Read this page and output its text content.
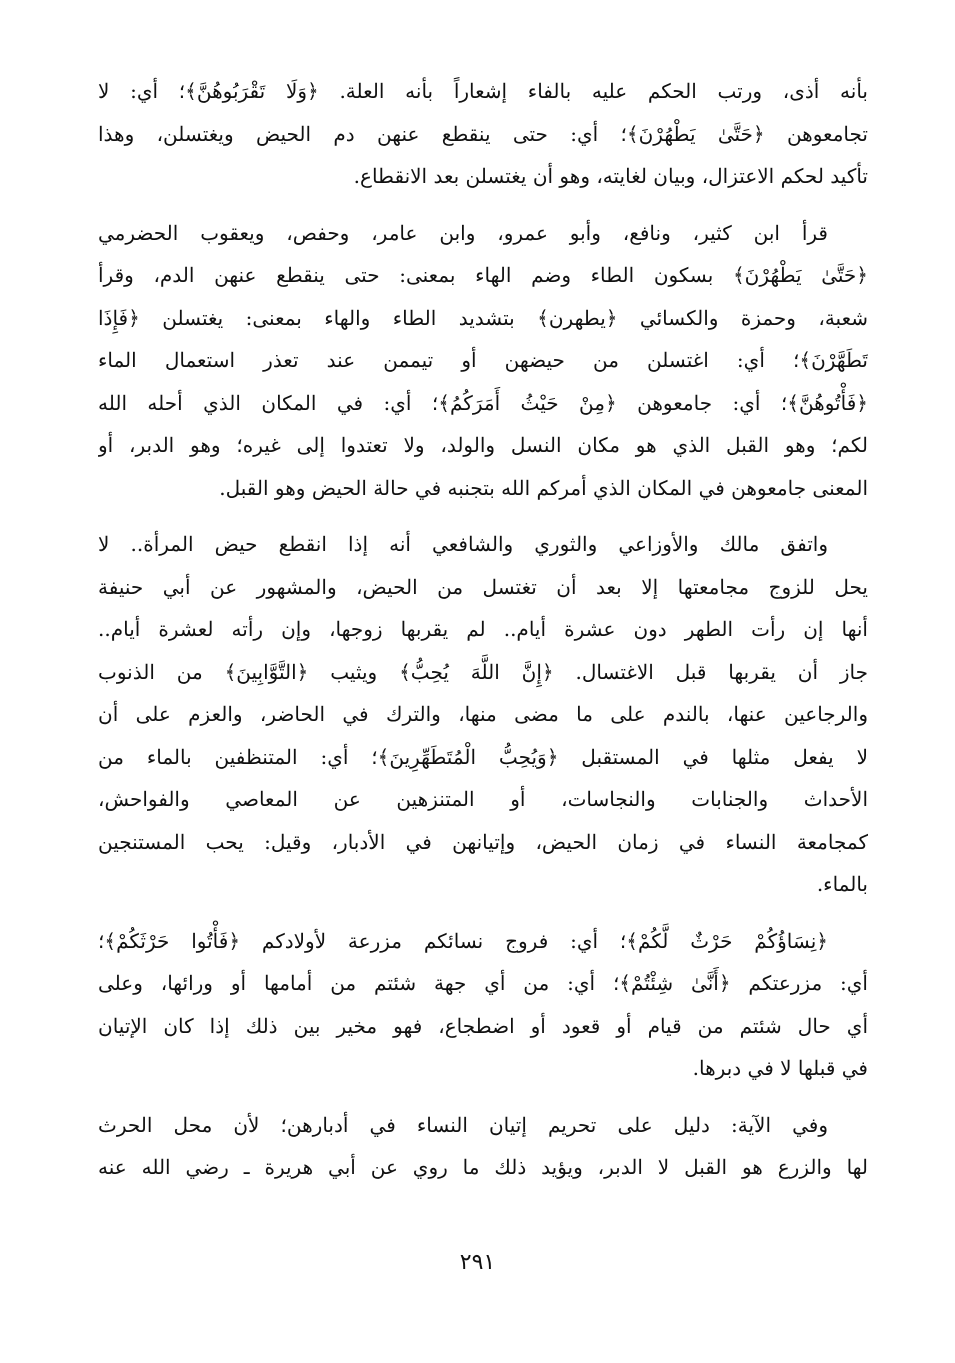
بأنه أذى، ورتب الحكم عليه بالفاء إشعاراً بأنه العلة. ﴿وَلَا تَقْرَبُوهُنَّ﴾؛ أي: لا
تجامعوهن ﴿حَتَّىٰ يَطْهُرْنَ﴾؛ أي: حتى ينقطع عنهن دم الحيض ويغتسلن، وهذا
تأكيد لحكم الاعتزال، وبيان لغايته، وهو أن يغتسلن بعد الانقطاع.
قرأ ابن كثير، ونافع، وأبو عمرو، وابن عامر، وحفص، ويعقوب الحضرمي
﴿حَتَّىٰ يَطْهُرْنَ﴾ بسكون الطاء وضم الهاء بمعنى: حتى ينقطع عنهن الدم، وقرأ
شعبة، وحمزة والكسائي ﴿يطهرن﴾ بتشديد الطاء والهاء بمعنى: يغتسلن ﴿فَإِذَا
تَطَهَّرْنَ﴾؛ أي: اغتسلن من حيضهن أو تيممن عند تعذر استعمال الماء
﴿فَأْتُوهُنَّ﴾؛ أي: جامعوهن ﴿مِنْ حَيْثُ أَمَرَكُمُ﴾؛ أي: في المكان الذي أحله الله
لكم؛ وهو القبل الذي هو مكان النسل والولد، ولا تعتدوا إلى غيره؛ وهو الدبر، أو
المعنى جامعوهن في المكان الذي أمركم الله بتجنبه في حالة الحيض وهو القبل.
واتفق مالك والأوزاعي والثوري والشافعي أنه إذا انقطع حيض المرأة.. لا
يحل للزوج مجامعتها إلا بعد أن تغتسل من الحيض، والمشهور عن أبي حنيفة
أنها إن رأت الطهر دون عشرة أيام.. لم يقربها زوجها، وإن رأته لعشرة أيام..
جاز أن يقربها قبل الاغتسال. ﴿إِنَّ اللَّهَ يُحِبُّ﴾ ويثيب ﴿التَّوَّابِينَ﴾ من الذنوب
والرجاعين عنها، بالندم على ما مضى منها، والترك في الحاضر، والعزم على أن
لا يفعل مثلها في المستقبل ﴿وَيُحِبُّ الْمُتَطَهِّرِينَ﴾؛ أي: المتنظفين بالماء من
الأحداث والجنابات والنجاسات، أو المتنزهين عن المعاصي والفواحش،
كمجامعة النساء في زمان الحيض، وإتيانهن في الأدبار، وقيل: يحب المستنجين
بالماء.
﴿نِسَاؤُكُمْ حَرْثٌ لَّكُمْ﴾؛ أي: فروج نسائكم مزرعة لأولادكم ﴿فَأْتُوا حَرْثَكُمْ﴾؛
أي: مزرعتكم ﴿أَنَّىٰ شِئْتُمْ﴾؛ أي: من أي جهة شئتم من أمامها أو ورائها، وعلى
أي حال شئتم من قيام أو قعود أو اضطجاع، فهو مخير بين ذلك إذا كان الإتيان
في قبلها لا في دبرها.
وفي الآية: دليل على تحريم إتيان النساء في أدبارهن؛ لأن محل الحرث
لها والزرع هو القبل لا الدبر، ويؤيد ذلك ما روي عن أبي هريرة ـ رضي الله عنه
٢٩١
